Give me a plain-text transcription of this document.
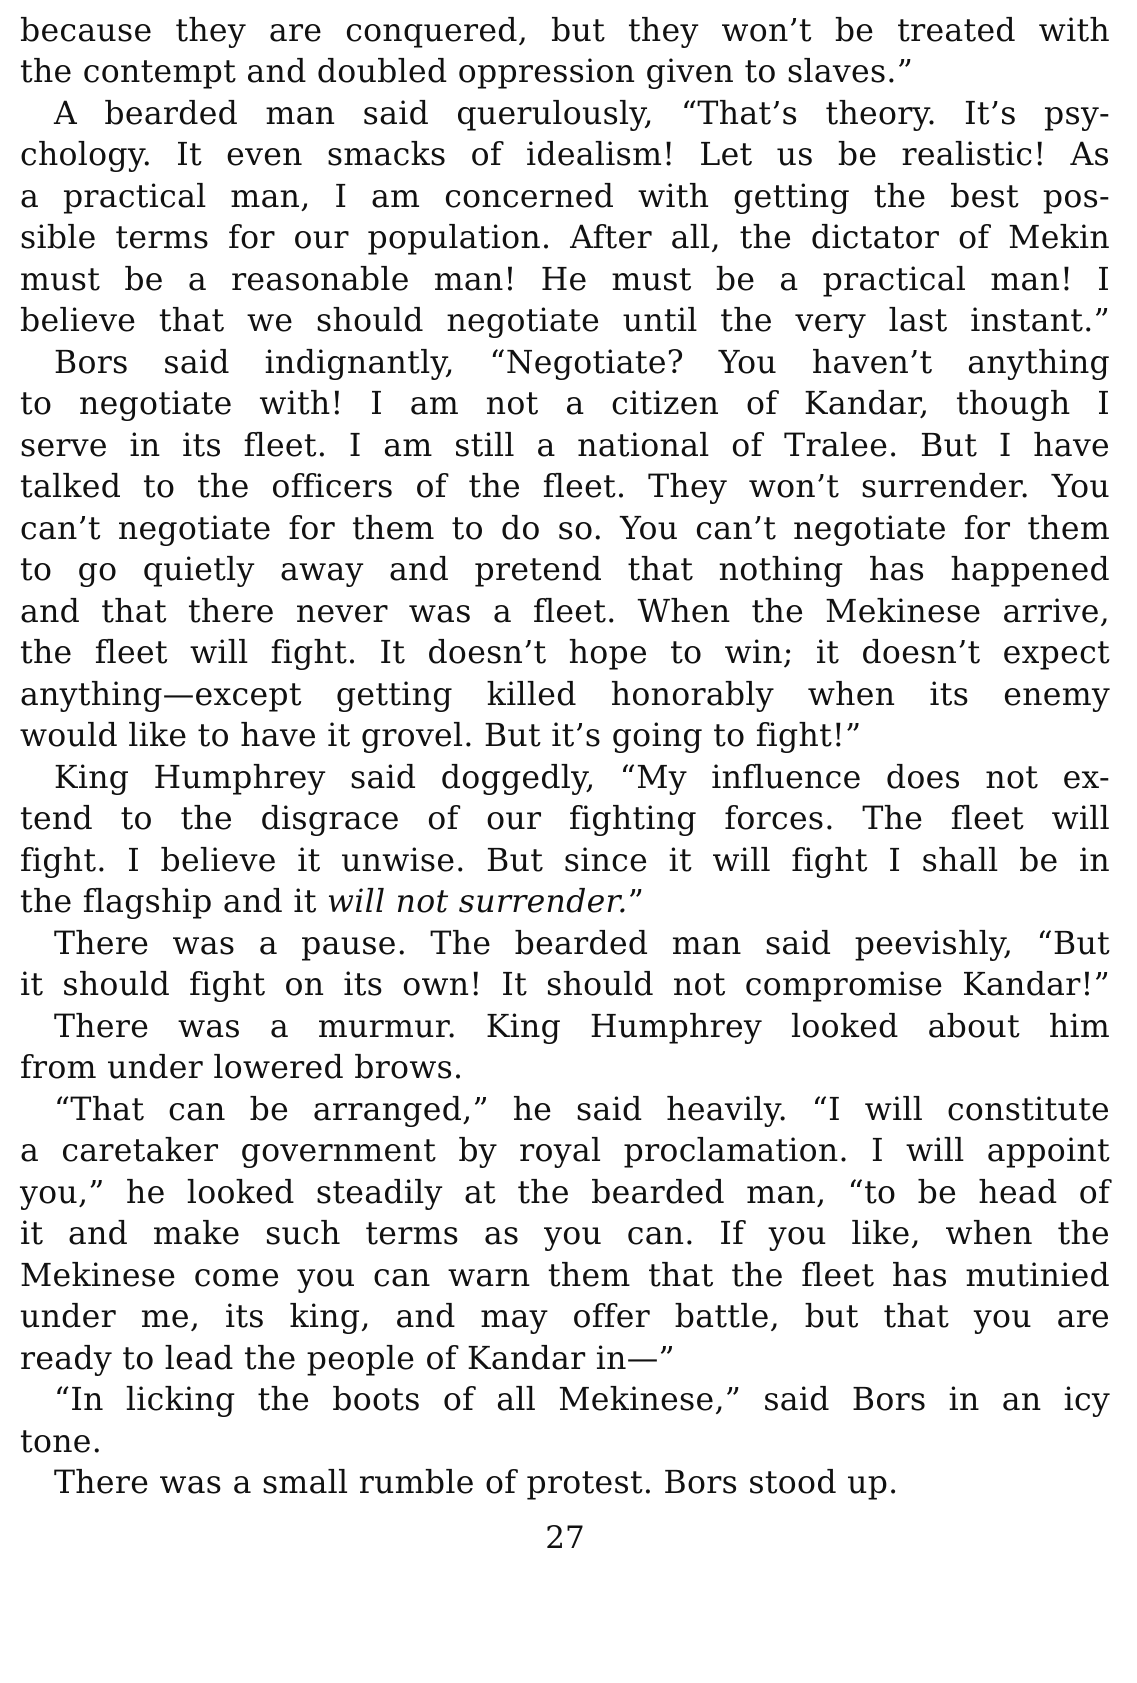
because they are conquered, but they won’t be treated with
the contempt and doubled oppression given to slaves.”
A bearded man said querulously, “That’s theory. It’s psy-
chology. It even smacks of idealism! Let us be realistic! As
a practical man, I am concerned with getting the best pos-
sible terms for our population. After all, the dictator of Mekin
must be a reasonable man! He must be a practical man! I
believe that we should negotiate until the very last instant.”
Bors said indignantly, “Negotiate? You haven’t anything
to negotiate with! I am not a citizen of Kandar, though I
serve in its fleet. I am still a national of Tralee. But I have
talked to the officers of the fleet. They won’t surrender. You
can’t negotiate for them to do so. You can’t negotiate for them
to go quietly away and pretend that nothing has happened
and that there never was a fleet. When the Mekinese arrive,
the fleet will fight. It doesn’t hope to win; it doesn’t expect
anything—except getting killed honorably when its enemy
would like to have it grovel. But it’s going to fight!”
King Humphrey said doggedly, “My influence does not ex-
tend to the disgrace of our fighting forces. The fleet will
fight. I believe it unwise. But since it will fight I shall be in
the flagship and it will not surrender.”
There was a pause. The bearded man said peevishly, “But
it should fight on its own! It should not compromise Kandar!”
There was a murmur. King Humphrey looked about him
from under lowered brows.
“That can be arranged,” he said heavily. “I will constitute
a caretaker government by royal proclamation. I will appoint
you,” he looked steadily at the bearded man, “to be head of
it and make such terms as you can. If you like, when the
Mekinese come you can warn them that the fleet has mutinied
under me, its king, and may offer battle, but that you are
ready to lead the people of Kandar in—”
“In licking the boots of all Mekinese,” said Bors in an icy
tone.
There was a small rumble of protest. Bors stood up.
27
